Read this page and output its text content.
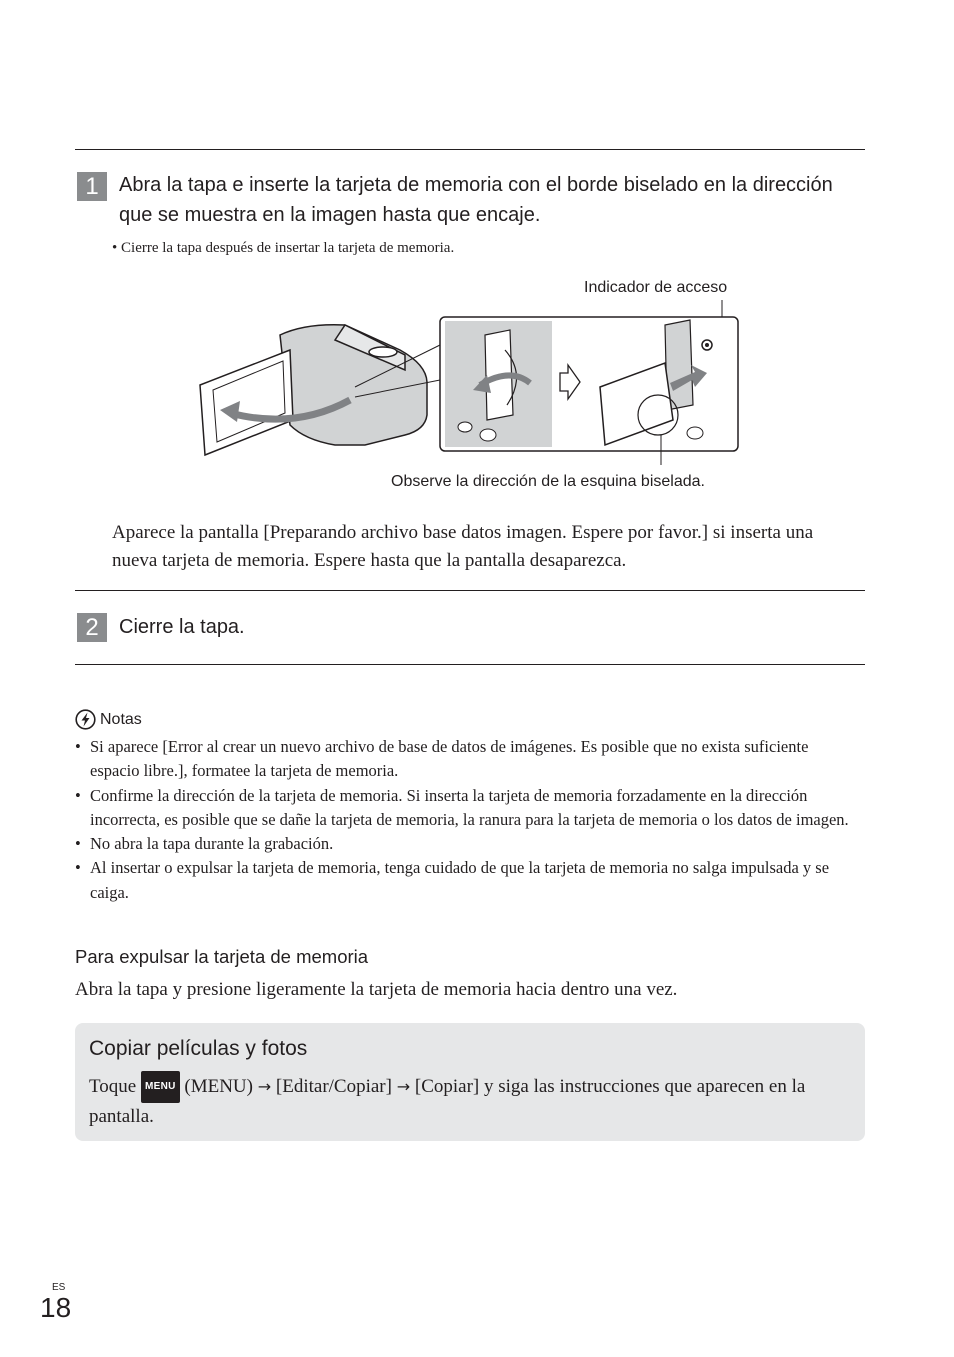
1	Abra la tapa e inserte la tarjeta de memoria con el borde biselado en la dirección que se muestra en la imagen hasta que encaje.
• Cierre la tapa después de insertar la tarjeta de memoria.
Indicador de acceso
Observe la dirección de la esquina biselada.
Aparece la pantalla [Preparando archivo base datos imagen. Espere por favor.] si inserta una nueva tarjeta de memoria. Espere hasta que la pantalla desaparezca.
2	Cierre la tapa.
Notas
• Si aparece [Error al crear un nuevo archivo de base de datos de imágenes. Es posible que no exista suficiente espacio libre.], formatee la tarjeta de memoria.
• Confirme la dirección de la tarjeta de memoria. Si inserta la tarjeta de memoria forzadamente en la dirección incorrecta, es posible que se dañe la tarjeta de memoria, la ranura para la tarjeta de memoria o los datos de imagen.
• No abra la tapa durante la grabación.
• Al insertar o expulsar la tarjeta de memoria, tenga cuidado de que la tarjeta de memoria no salga impulsada y se caiga.
Para expulsar la tarjeta de memoria
Abra la tapa y presione ligeramente la tarjeta de memoria hacia dentro una vez.
Copiar películas y fotos
Toque MENU (MENU) → [Editar/Copiar] → [Copiar] y siga las instrucciones que aparecen en la pantalla.
ES
18
